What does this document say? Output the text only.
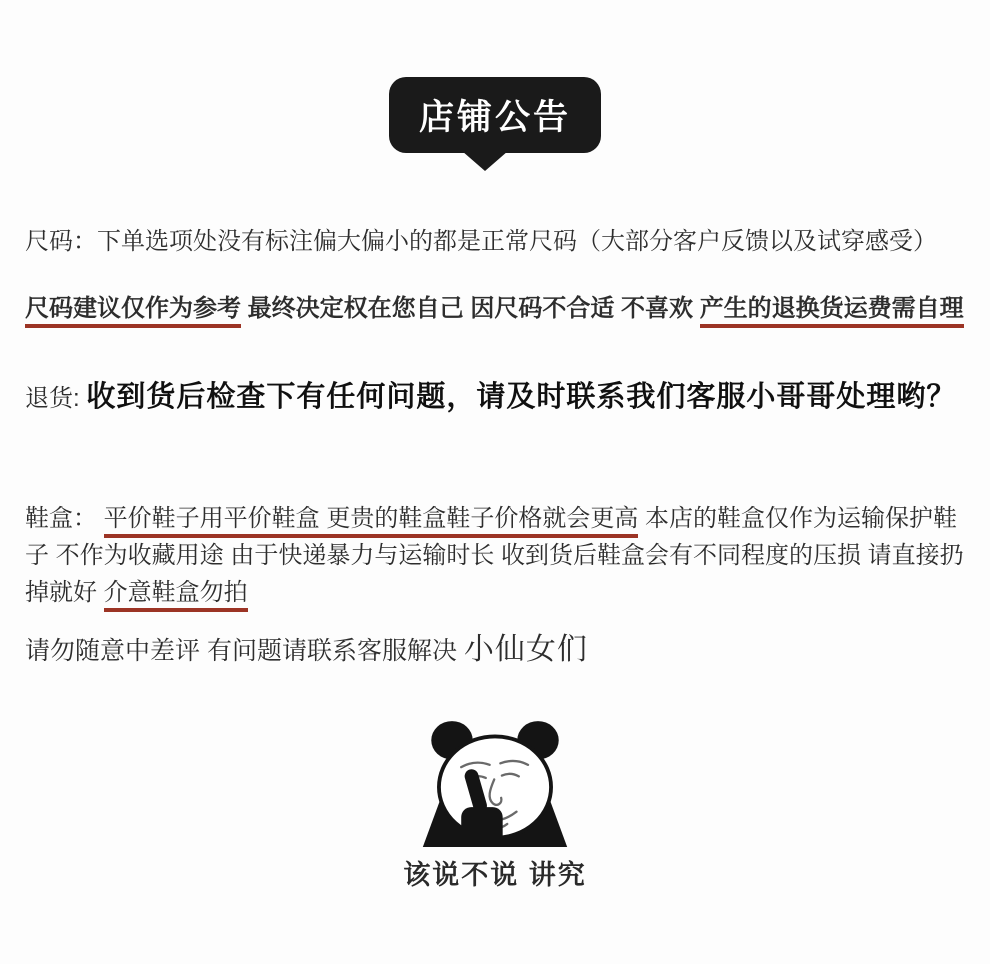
店铺公告

尺码：下单选项处没有标注偏大偏小的都是正常尺码（大部分客户反馈以及试穿感受）

尺码建议仅作为参考 最终决定权在您自己 因尺码不合适 不喜欢 产生的退换货运费需自理

退货: 收到货后检查下有任何问题，请及时联系我们客服小哥哥处理哟？

鞋盒： 平价鞋子用平价鞋盒 更贵的鞋盒鞋子价格就会更高 本店的鞋盒仅作为运输保护鞋子 不作为收藏用途 由于快递暴力与运输时长 收到货后鞋盒会有不同程度的压损 请直接扔掉就好 介意鞋盒勿拍

请勿随意中差评 有问题请联系客服解决 小仙女们

该说不说 讲究
